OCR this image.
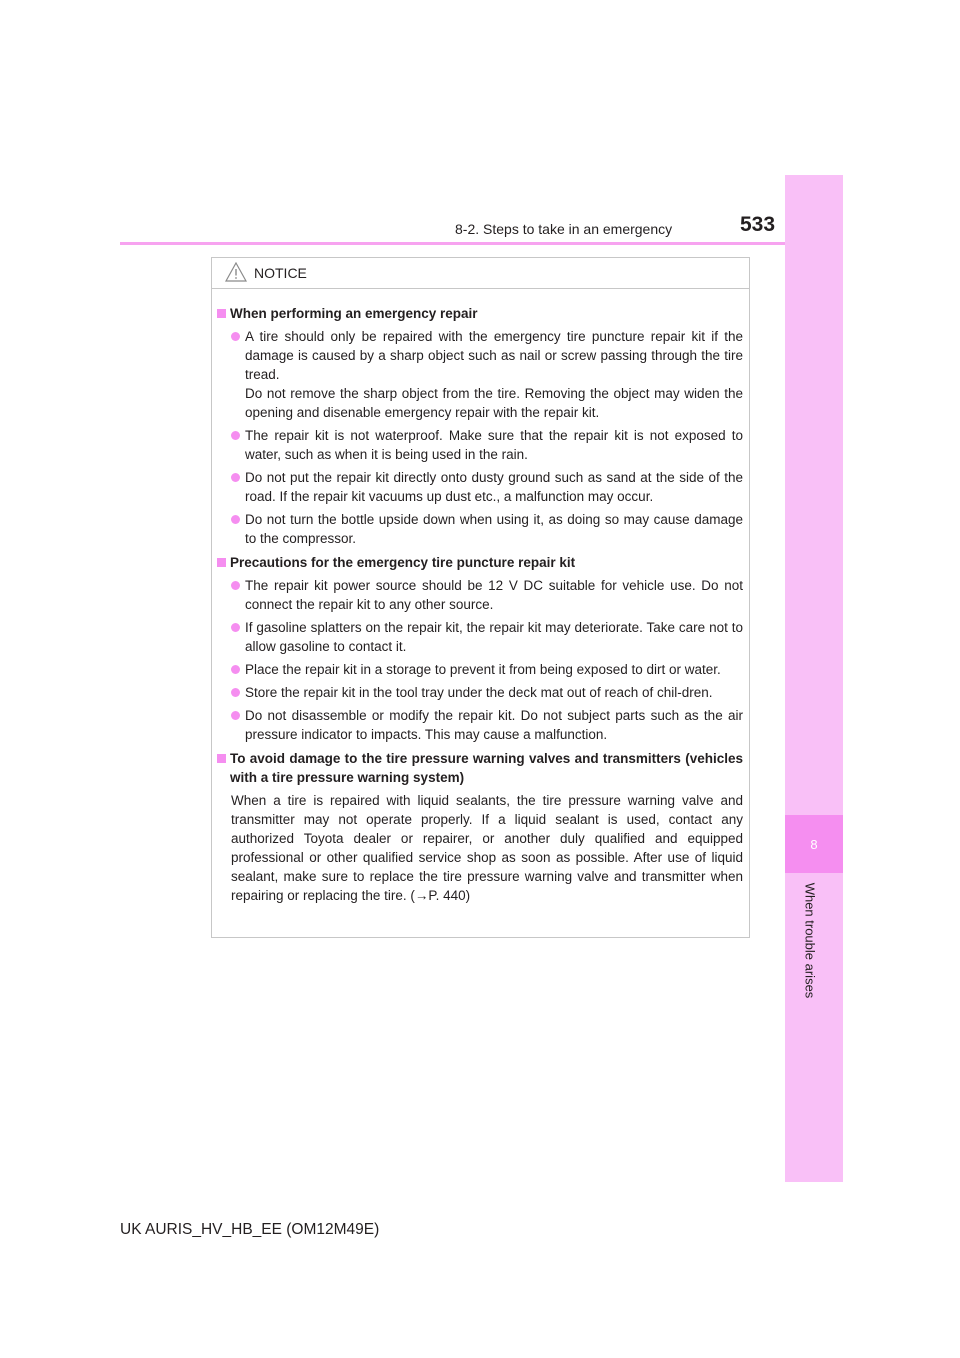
8
When trouble arises
8-2. Steps to take in an emergency	533
NOTICE
When performing an emergency repair
A tire should only be repaired with the emergency tire puncture repair kit if the damage is caused by a sharp object such as nail or screw passing through the tire tread.
Do not remove the sharp object from the tire. Removing the object may widen the opening and disenable emergency repair with the repair kit.
The repair kit is not waterproof. Make sure that the repair kit is not exposed to water, such as when it is being used in the rain.
Do not put the repair kit directly onto dusty ground such as sand at the side of the road. If the repair kit vacuums up dust etc., a malfunction may occur.
Do not turn the bottle upside down when using it, as doing so may cause damage to the compressor.
Precautions for the emergency tire puncture repair kit
The repair kit power source should be 12 V DC suitable for vehicle use. Do not connect the repair kit to any other source.
If gasoline splatters on the repair kit, the repair kit may deteriorate. Take care not to allow gasoline to contact it.
Place the repair kit in a storage to prevent it from being exposed to dirt or water.
Store the repair kit in the tool tray under the deck mat out of reach of chil-dren.
Do not disassemble or modify the repair kit. Do not subject parts such as the air pressure indicator to impacts. This may cause a malfunction.
To avoid damage to the tire pressure warning valves and transmitters (vehicles with a tire pressure warning system)
When a tire is repaired with liquid sealants, the tire pressure warning valve and transmitter may not operate properly. If a liquid sealant is used, contact any authorized Toyota dealer or repairer, or another duly qualified and equipped professional or other qualified service shop as soon as possible. After use of liquid sealant, make sure to replace the tire pressure warning valve and transmitter when repairing or replacing the tire. (→P. 440)
UK AURIS_HV_HB_EE (OM12M49E)
